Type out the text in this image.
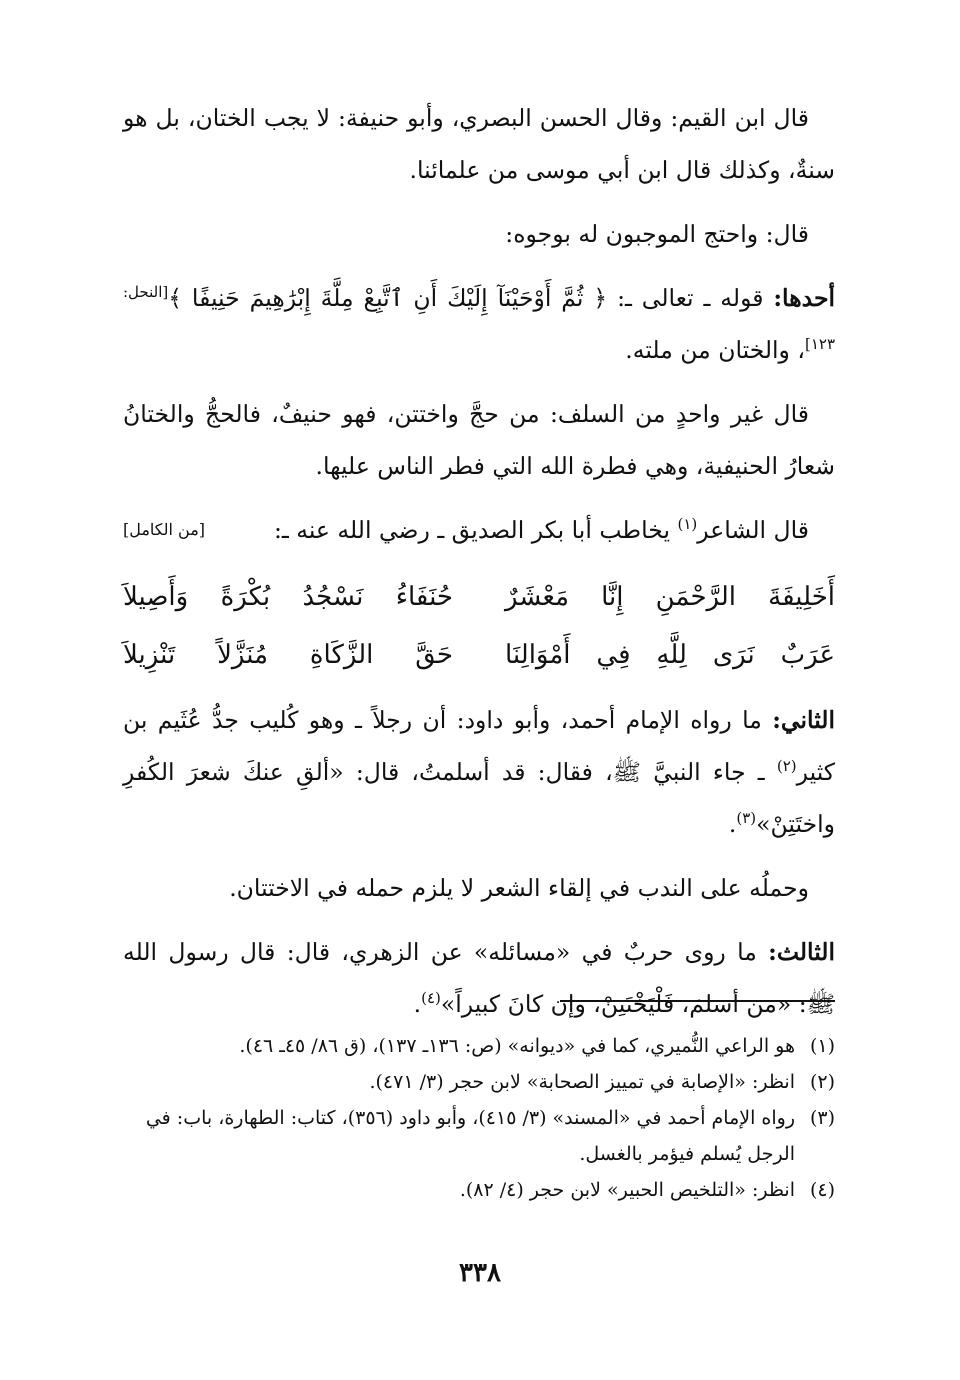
قال ابن القيم: وقال الحسن البصري، وأبو حنيفة: لا يجب الختان، بل هو سنةٌ، وكذلك قال ابن أبي موسى من علمائنا.

قال: واحتج الموجبون له بوجوه:

أحدها: قوله ـ تعالى ـ: ﴿ ثُمَّ أَوْحَيْنَآ إِلَيْكَ أَنِ ٱتَّبِعْ مِلَّةَ إِبْرَٰهِيمَ حَنِيفًا ﴾[النحل: ١٢٣]، والختان من ملته.

قال غير واحدٍ من السلف: من حجَّ واختتن، فهو حنيفٌ، فالحجُّ والختانُ شعارُ الحنيفية، وهي فطرة الله التي فطر الناس عليها.

قال الشاعر$^{(١)}$ يخاطب أبا بكر الصديق ـ رضي الله عنه ـ:
[من الكامل]

أَخَلِيفَةَ الرَّحْمَنِ إِنَّا مَعْشَرٌ
حُنَفَاءُ نَسْجُدُ بُكْرَةً وَأَصِيلاَ
عَرَبٌ نَرَى لِلَّهِ فِي أَمْوَالِنَا
حَقَّ الزَّكَاةِ مُنَزَّلاً تَنْزِيلاَ

الثاني: ما رواه الإمام أحمد، وأبو داود: أن رجلاً ـ وهو كُليب جدُّ عُثَيم بن كثير$^{(٢)}$ ـ جاء النبيَّ ﷺ، فقال: قد أسلمتُ، قال: «ألقِ عنكَ شعرَ الكُفرِ واختَتِنْ»$^{(٣)}$.

وحملُه على الندب في إلقاء الشعر لا يلزم حمله في الاختتان.

الثالث: ما روى حربٌ في «مسائله» عن الزهري، قال: قال رسول الله ﷺ: «من أسلمَ، فَلْيَخْتَتِنْ، وإن كانَ كبيراً»$^{(٤)}$.

(١)
هو الراعي النُّميري، كما في «ديوانه» (ص: ١٣٦ـ ١٣٧)، (ق ٨٦/ ٤٥ـ ٤٦).

(٢)
انظر: «الإصابة في تمييز الصحابة» لابن حجر (٣/ ٤٧١).

(٣)
رواه الإمام أحمد في «المسند» (٣/ ٤١٥)، وأبو داود (٣٥٦)، كتاب: الطهارة، باب: في الرجل يُسلم فيؤمر بالغسل.

(٤)
انظر: «التلخيص الحبير» لابن حجر (٤/ ٨٢).

٣٣٨
